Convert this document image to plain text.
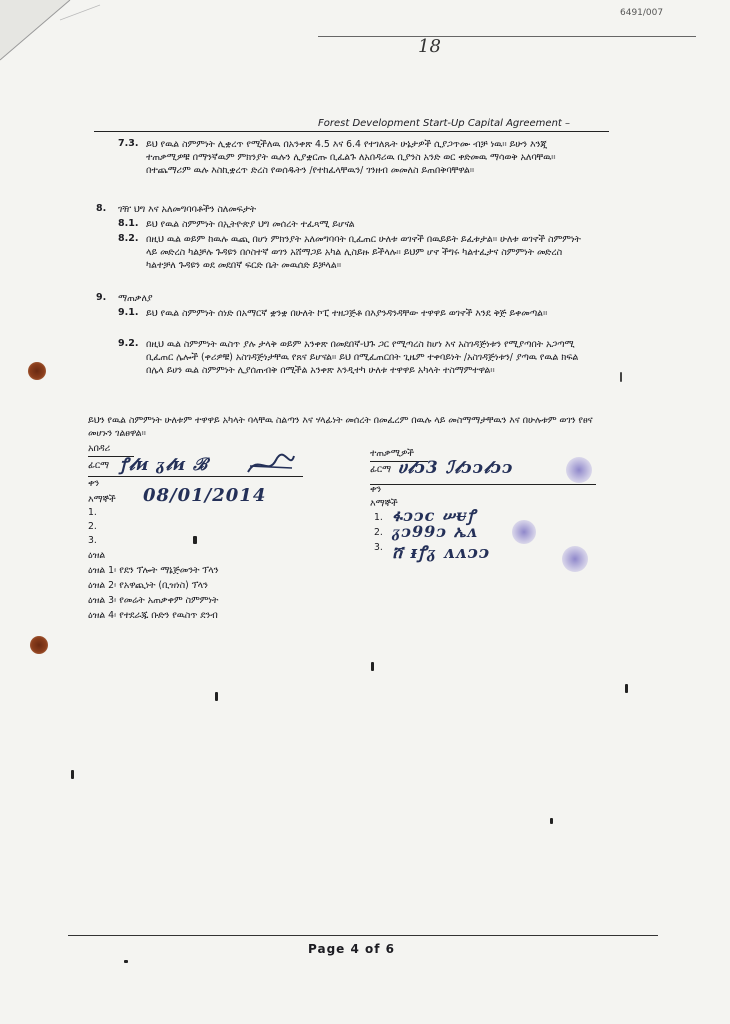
6491/007
18
Forest Development Start-Up Capital Agreement –
7.3. ይህ የዉል ስምምነት ሊቋረጥ የሚችለዉ በአንቀጽ 4.5 እና 6.4 የተገለጹት ሁኔታዎች ሲያጋጥሙ ብቻ ነዉ። ይሁን እንጂ ተጠቃሚዎቹ በማንኛዉም ምክንያት ዉሉን ሊያቋርጡ ቢፈልጉ ለአበዳሪዉ ቢያንስ አንድ ወር ቀድመዉ ማሳወቅ አለባቸዉ። በተጨማሪም ዉሉ እስኪቋረጥ ድረስ የወሰዱትን /የተከፈላቸዉን/ ገንዘብ መመለስ ይጠበቅባቸዋል።
8. ገዥ ህግ እና አለመግባባቶችን ስለመፍታት
8.1. ይህ የዉል ስምምነት በኢትዮጵያ ህግ መሰረት ተፈጻሚ ይሆናል
8.2. በዚህ ዉል ወይም ከዉሉ ዉጪ በሆነ ምክንያት አለመግባባት ቢፈጠር ሁለቱ ወገኖች በዉይይት ይፈቱታል። ሁለቱ ወገኖች ስምምነት ላይ መድረስ ካልቻሉ ጉዳዩን በሶስተኛ ወገን አሸማጋይ አካል ሊስይዙ ይችላሉ። ይህም ሆኖ ችግሩ ካልተፈታና ስምምነት መድረስ ካልተቻለ ጉዳዩን ወደ መደበኛ ፍርድ ቤት መዉሰድ ይቻላል።
9. ማጠቃለያ
9.1. ይህ የዉል ስምምነት ሰነድ በአማርኛ ቋንቋ በሁለት ኮፒ ተዘጋጅቶ በእያንዳንዳቸው ተዋዋይ ወገኖች እንደ ቅጅ ይቀመጣል።
9.2. በዚህ ዉል ስምምነት ዉስጥ ያሉ ታላቅ ወይም አንቀጽ በመደበኛ-ህጉ ጋር የሚጣረስ ከሆነ እና አስገዳጅነቱን የሚያጣበት አጋጣሚ ቢፈጠር ሌሎች (ቀሪዎቹ) አስገዳጅነታቸዉ የጸና ይሆናል። ይህ በሚፈጠርበት ጊዜም ተቀባይነት /አስገዳጅነቱን/ ያጣዉ የዉል ክፍል በሌላ ይሀን ዉል ስምምነት ሊያሰጠብቅ በሚችል አንቀጽ እንዲተካ ሁለቱ ተዋዋይ አካላት ተስማምተዋል።
ይህን የዉል ስምምነት ሁለቱም ተዋዋይ አካላት ባላቸዉ ስልጣን እና ሃላፊነት መሰረት በመፈረም በዉሉ ላይ መስማማታቸዉን እና በሁሉቱም ወገን የፀና መሆኑን ገልፀዋል።
አበዳሪ
ፊርማ ꝭ𝓁ᴎ ᵹ𝓁ᴎ ℬ
ቀን
እማኞች 08/01/2014
1.
2.
3.
ተጠቃሚዎች
ፊርማ ሀ𝓁ᴐ3 ℐ𝓁ᴐᴐ𝓁ᴐᴐ
ቀን
እማኞች
1.
2.
3.
ፋᴐᴐc ሠᵾꝭ
ᵹᴐ99ᴐ ኤᴧ
ሸ ᵻꝭᵹ ᴧᴧᴐᴐ
ዕዝል
ዕዝል 1፡ የደን ፕሎት ማኔጅመንት ፕላን
ዕዝል 2፡ የአዋጪነት (ቢዝነስ) ፕላን
ዕዝል 3፡ የመሬት አጠቃቀም ስምምነት
ዕዝል 4፡ የተደራጁ ቡድን የዉስጥ ደንብ
Page 4 of 6
